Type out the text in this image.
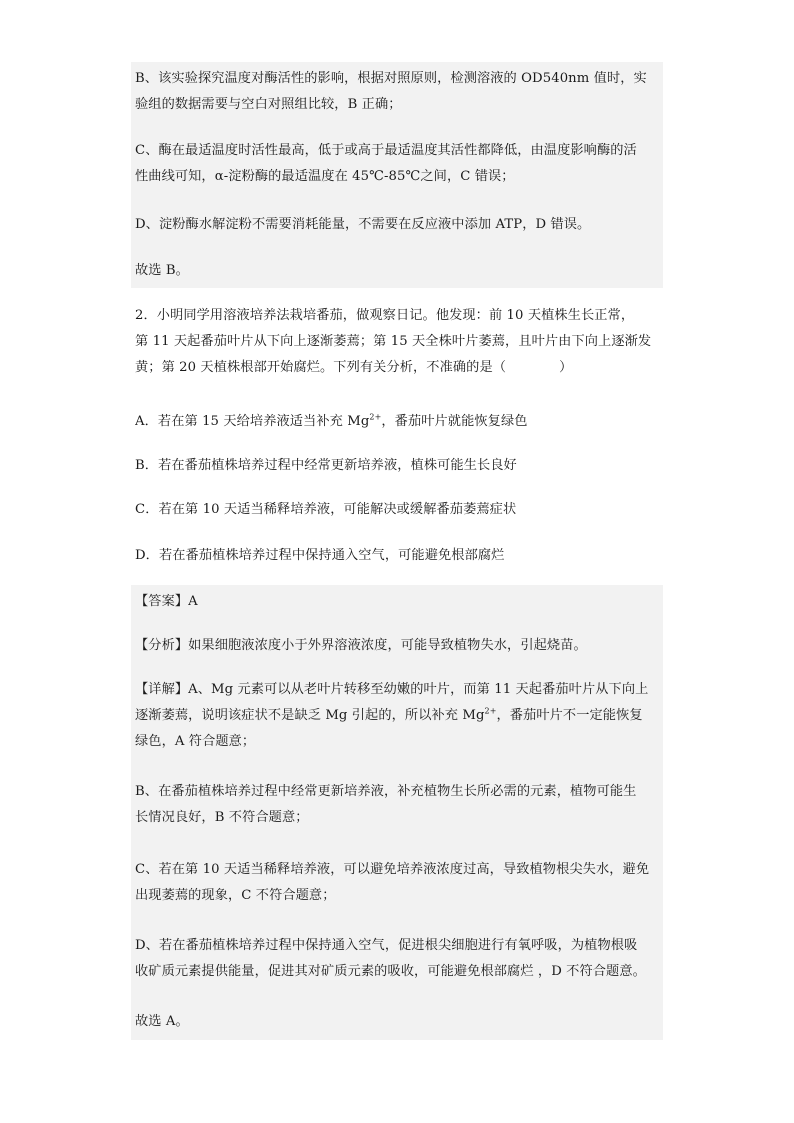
B、该实验探究温度对酶活性的影响，根据对照原则，检测溶液的 OD540nm 值时，实
验组的数据需要与空白对照组比较，B 正确；

C、酶在最适温度时活性最高，低于或高于最适温度其活性都降低，由温度影响酶的活
性曲线可知，α-淀粉酶的最适温度在 45℃-85℃之间，C 错误；

D、淀粉酶水解淀粉不需要消耗能量，不需要在反应液中添加 ATP，D 错误。

故选 B。

2．小明同学用溶液培养法栽培番茄，做观察日记。他发现：前 10 天植株生长正常，
第 11 天起番茄叶片从下向上逐渐萎蔫；第 15 天全株叶片萎蔫，且叶片由下向上逐渐发
黄；第 20 天植株根部开始腐烂。下列有关分析，不准确的是（　　　　）

A．若在第 15 天给培养液适当补充 $Mg^{2+}$，番茄叶片就能恢复绿色

B．若在番茄植株培养过程中经常更新培养液，植株可能生长良好

C．若在第 10 天适当稀释培养液，可能解决或缓解番茄萎蔫症状

D．若在番茄植株培养过程中保持通入空气，可能避免根部腐烂

【答案】A

【分析】如果细胞液浓度小于外界溶液浓度，可能导致植物失水，引起烧苗。

【详解】A、Mg 元素可以从老叶片转移至幼嫩的叶片，而第 11 天起番茄叶片从下向上
逐渐萎蔫，说明该症状不是缺乏 Mg 引起的，所以补充 $Mg^{2+}$，番茄叶片不一定能恢复
绿色，A 符合题意；

B、在番茄植株培养过程中经常更新培养液，补充植物生长所必需的元素，植物可能生
长情况良好，B 不符合题意；

C、若在第 10 天适当稀释培养液，可以避免培养液浓度过高，导致植物根尖失水，避免
出现萎蔫的现象，C 不符合题意；

D、若在番茄植株培养过程中保持通入空气，促进根尖细胞进行有氧呼吸，为植物根吸
收矿质元素提供能量，促进其对矿质元素的吸收，可能避免根部腐烂 ，D 不符合题意。

故选 A。
